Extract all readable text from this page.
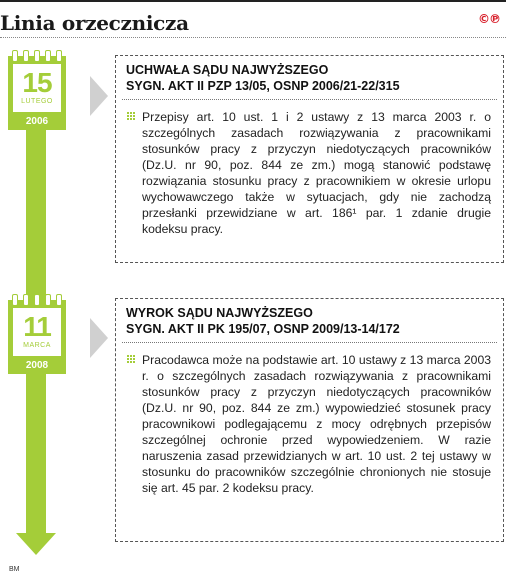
Linia orzecznicza	©℗
15
LUTEGO
2006
UCHWAŁA SĄDU NAJWYŻSZEGO
SYGN. AKT II PZP 13/05, OSNP 2006/21-22/315
Przepisy art. 10 ust. 1 i 2 ustawy z 13 marca 2003 r. o szczególnych zasadach rozwiązywania z pracownikami stosunków pracy z przyczyn niedotyczących pracowników (Dz.U. nr 90, poz. 844 ze zm.) mogą stanowić podstawę rozwiązania stosunku pracy z pracownikiem w okresie urlopu wychowawczego także w sytuacjach, gdy nie zachodzą przesłanki przewidziane w art. 186¹ par. 1 zdanie drugie kodeksu pracy.
11
MARCA
2008
WYROK SĄDU NAJWYŻSZEGO
SYGN. AKT II PK 195/07, OSNP 2009/13-14/172
Pracodawca może na podstawie art. 10 ustawy z 13 marca 2003 r. o szczególnych zasadach rozwiązywania z pracownikami stosunków pracy z przyczyn niedotyczących pracowników (Dz.U. nr 90, poz. 844 ze zm.) wypowiedzieć stosunek pracy pracownikowi podlegającemu z mocy odrębnych przepisów szczególnej ochronie przed wypowiedzeniem. W razie naruszenia zasad przewidzianych w art. 10 ust. 2 tej ustawy w stosunku do pracowników szczególnie chronionych nie stosuje się art. 45 par. 2 kodeksu pracy.
BM
